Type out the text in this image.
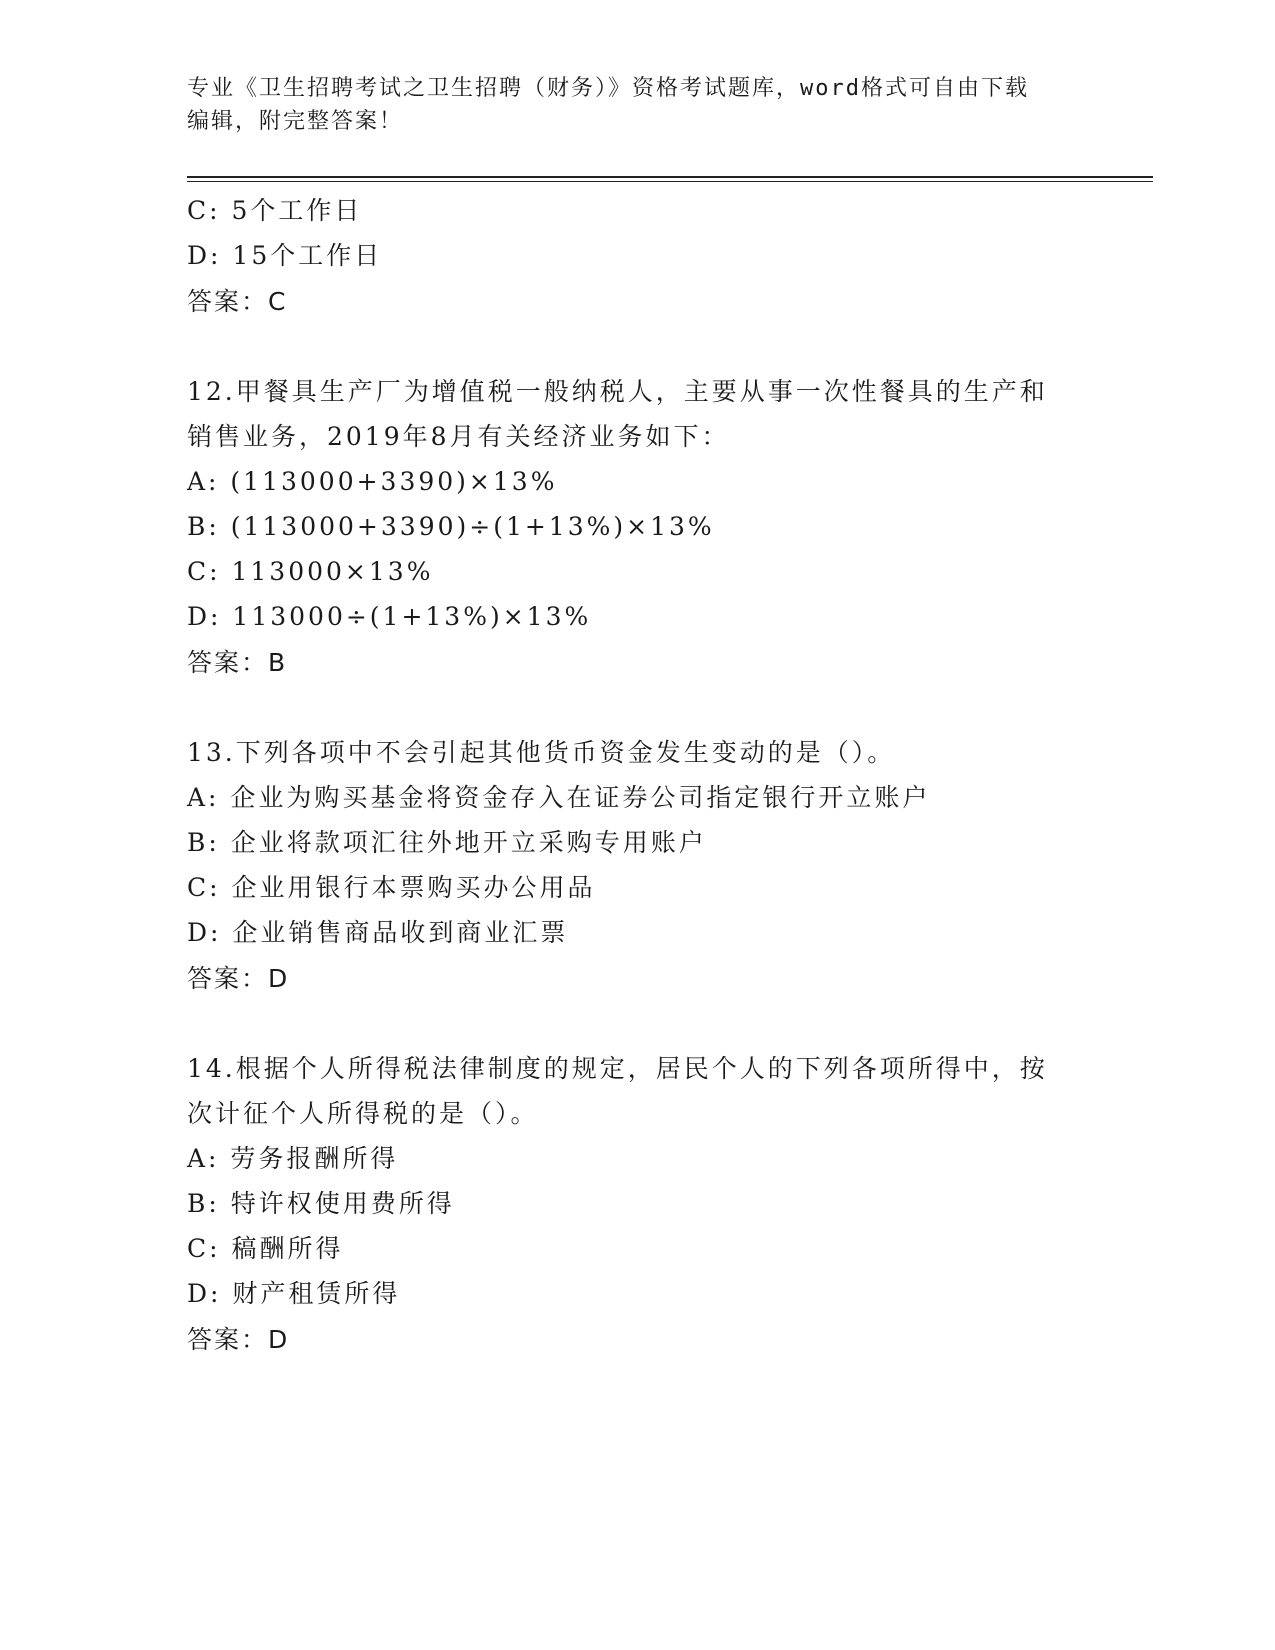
专业《卫生招聘考试之卫生招聘（财务）》资格考试题库，word格式可自由下载
编辑，附完整答案！
C: 5个工作日
D: 15个工作日
答案：C
12.甲餐具生产厂为增值税一般纳税人，主要从事一次性餐具的生产和
销售业务，2019年8月有关经济业务如下：
A: (113000+3390)×13%
B: (113000+3390)÷(1+13%)×13%
C: 113000×13%
D: 113000÷(1+13%)×13%
答案：B
13.下列各项中不会引起其他货币资金发生变动的是（）。
A: 企业为购买基金将资金存入在证券公司指定银行开立账户
B: 企业将款项汇往外地开立采购专用账户
C: 企业用银行本票购买办公用品
D: 企业销售商品收到商业汇票
答案：D
14.根据个人所得税法律制度的规定，居民个人的下列各项所得中，按
次计征个人所得税的是（）。
A: 劳务报酬所得
B: 特许权使用费所得
C: 稿酬所得
D: 财产租赁所得
答案：D
